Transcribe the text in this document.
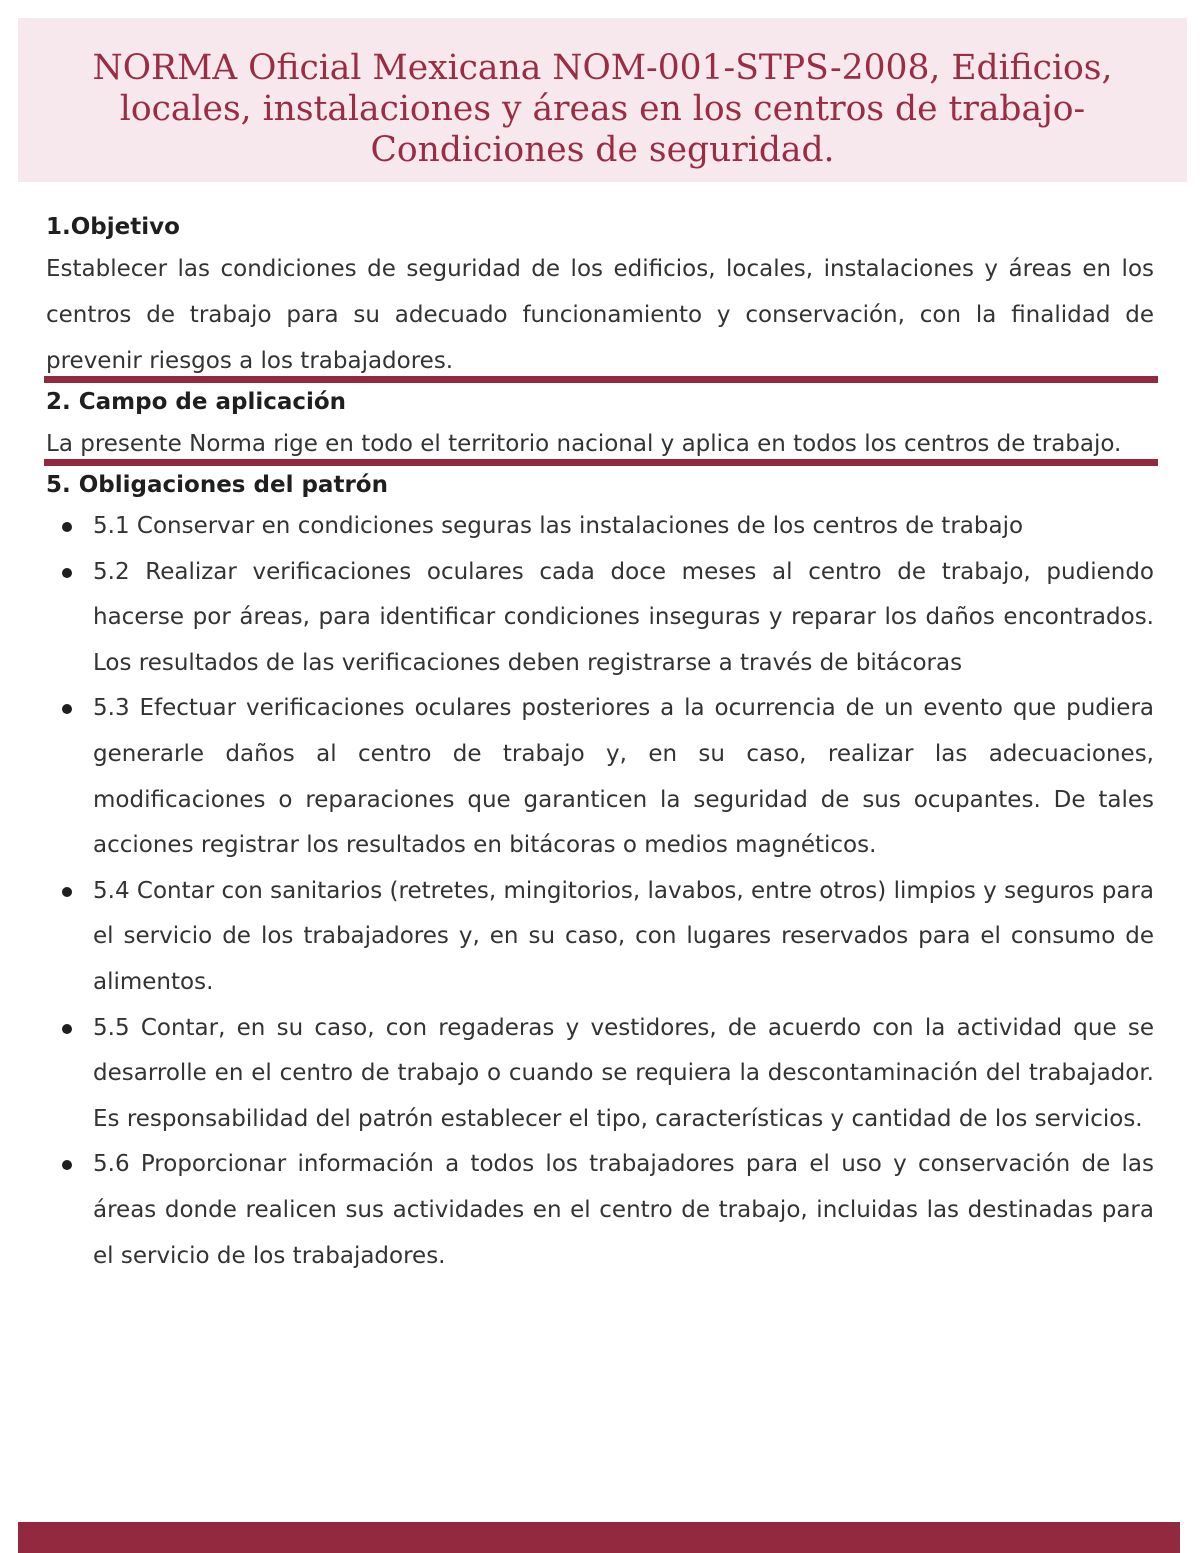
NORMA Oficial Mexicana NOM-001-STPS-2008, Edificios, locales, instalaciones y áreas en los centros de trabajo-Condiciones de seguridad.

1.Objetivo

Establecer las condiciones de seguridad de los edificios, locales, instalaciones y áreas en los centros de trabajo para su adecuado funcionamiento y conservación, con la finalidad de prevenir riesgos a los trabajadores.

2. Campo de aplicación

La presente Norma rige en todo el territorio nacional y aplica en todos los centros de trabajo.

5. Obligaciones del patrón

5.1 Conservar en condiciones seguras las instalaciones de los centros de trabajo
5.2 Realizar verificaciones oculares cada doce meses al centro de trabajo, pudiendo hacerse por áreas, para identificar condiciones inseguras y reparar los daños encontrados. Los resultados de las verificaciones deben registrarse a través de bitácoras
5.3 Efectuar verificaciones oculares posteriores a la ocurrencia de un evento que pudiera generarle daños al centro de trabajo y, en su caso, realizar las adecuaciones, modificaciones o reparaciones que garanticen la seguridad de sus ocupantes. De tales acciones registrar los resultados en bitácoras o medios magnéticos.
5.4 Contar con sanitarios (retretes, mingitorios, lavabos, entre otros) limpios y seguros para el servicio de los trabajadores y, en su caso, con lugares reservados para el consumo de alimentos.
5.5 Contar, en su caso, con regaderas y vestidores, de acuerdo con la actividad que se desarrolle en el centro de trabajo o cuando se requiera la descontaminación del trabajador. Es responsabilidad del patrón establecer el tipo, características y cantidad de los servicios.
5.6 Proporcionar información a todos los trabajadores para el uso y conservación de las áreas donde realicen sus actividades en el centro de trabajo, incluidas las destinadas para el servicio de los trabajadores.
